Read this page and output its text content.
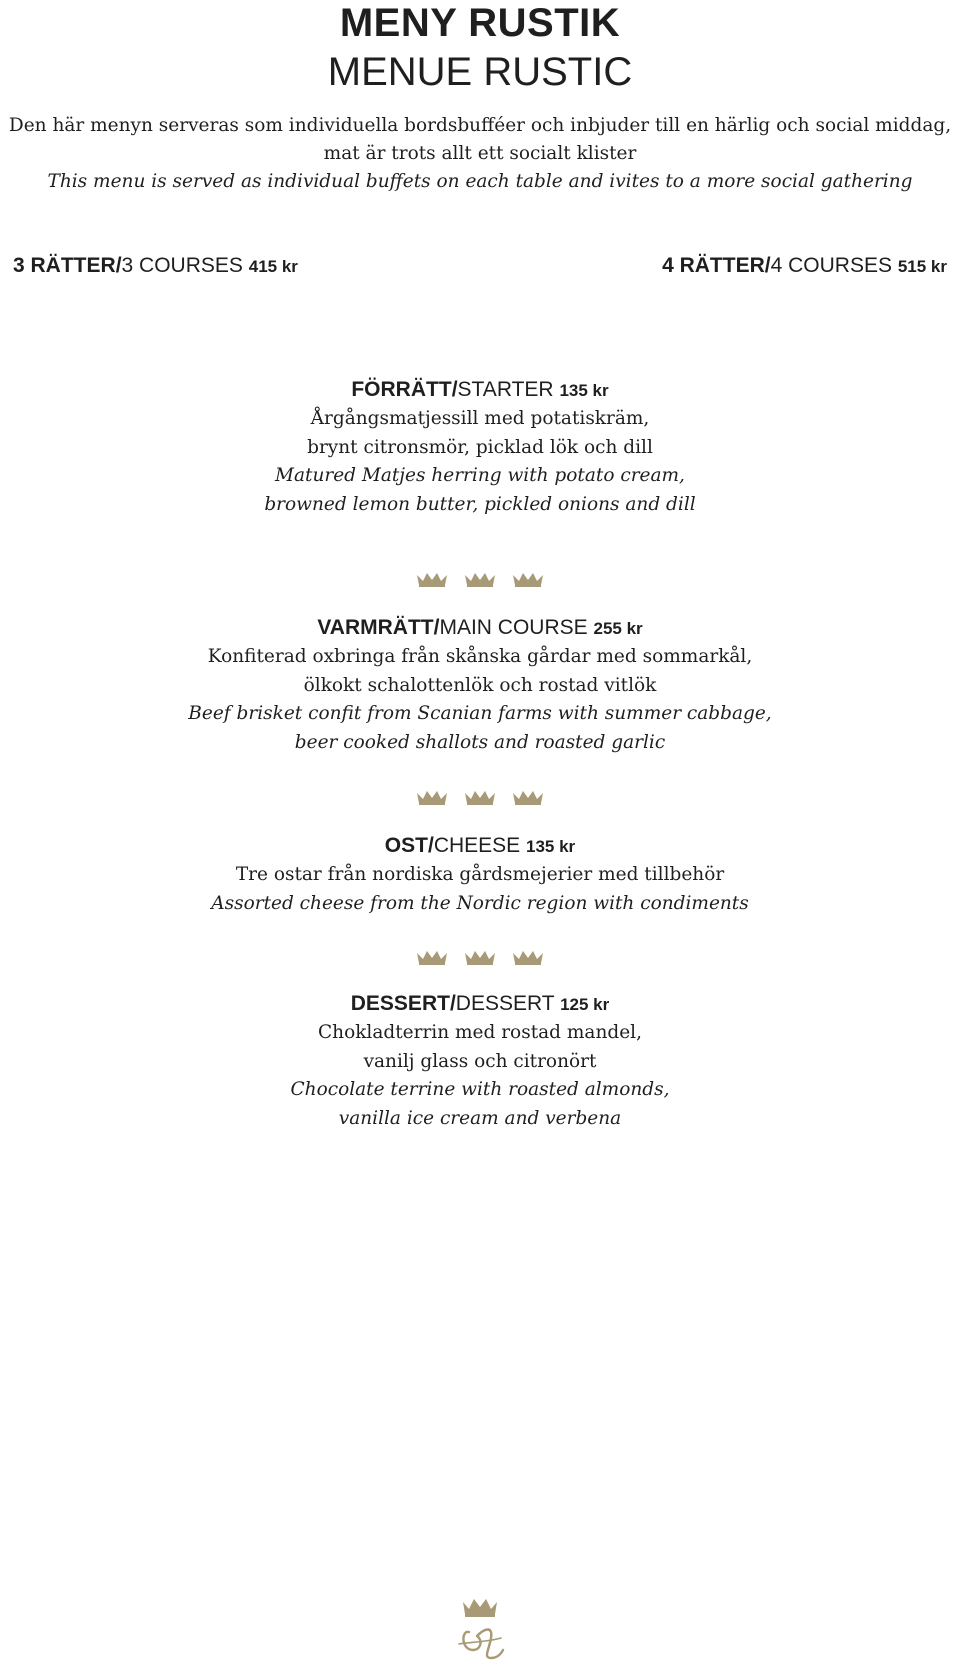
MENY RUSTIK
MENUE RUSTIC
Den här menyn serveras som individuella bordsbufféer och inbjuder till en härlig och social middag,
mat är trots allt ett socialt klister
This menu is served as individual buffets on each table and ivites to a more social gathering
3 RÄTTER/3 COURSES 415 kr	4 RÄTTER/4 COURSES 515 kr
FÖRRÄTT/STARTER 135 kr
Årgångsmatjessill med potatiskräm,
brynt citronsmör, picklad lök och dill
Matured Matjes herring with potato cream,
browned lemon butter, pickled onions and dill
VARMRÄTT/MAIN COURSE 255 kr
Konfiterad oxbringa från skånska gårdar med sommarkål,
ölkokt schalottenlök och rostad vitlök
Beef brisket confit from Scanian farms with summer cabbage,
beer cooked shallots and roasted garlic
OST/CHEESE 135 kr
Tre ostar från nordiska gårdsmejerier med tillbehör
Assorted cheese from the Nordic region with condiments
DESSERT/DESSERT 125 kr
Chokladterrin med rostad mandel,
vanilj glass och citronört
Chocolate terrine with roasted almonds,
vanilla ice cream and verbena
